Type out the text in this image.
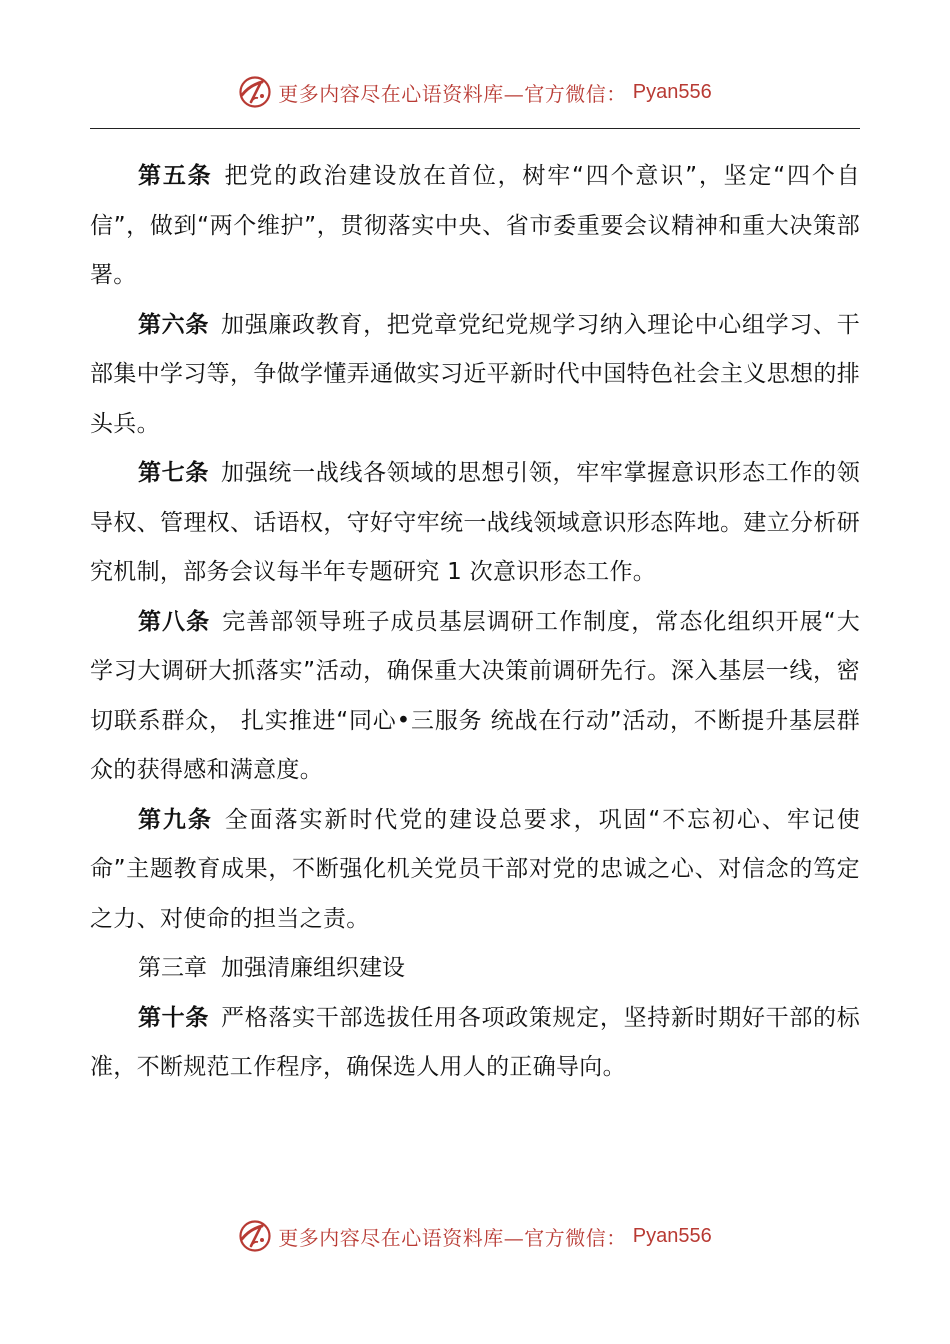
更多内容尽在心语资料库—官方微信： Pyan556

第五条 把党的政治建设放在首位，树牢“四个意识”，坚定“四个自信”，做到“两个维护”，贯彻落实中央、省市委重要会议精神和重大决策部署。

第六条 加强廉政教育，把党章党纪党规学习纳入理论中心组学习、干部集中学习等，争做学懂弄通做实习近平新时代中国特色社会主义思想的排头兵。

第七条 加强统一战线各领域的思想引领，牢牢掌握意识形态工作的领导权、管理权、话语权，守好守牢统一战线领域意识形态阵地。建立分析研究机制，部务会议每半年专题研究 1 次意识形态工作。

第八条 完善部领导班子成员基层调研工作制度，常态化组织开展“大学习大调研大抓落实”活动，确保重大决策前调研先行。深入基层一线，密切联系群众， 扎实推进“同心•三服务 统战在行动”活动，不断提升基层群众的获得感和满意度。

第九条 全面落实新时代党的建设总要求，巩固“不忘初心、牢记使命”主题教育成果，不断强化机关党员干部对党的忠诚之心、对信念的笃定之力、对使命的担当之责。

第三章 加强清廉组织建设

第十条 严格落实干部选拔任用各项政策规定，坚持新时期好干部的标准，不断规范工作程序，确保选人用人的正确导向。

更多内容尽在心语资料库—官方微信： Pyan556
